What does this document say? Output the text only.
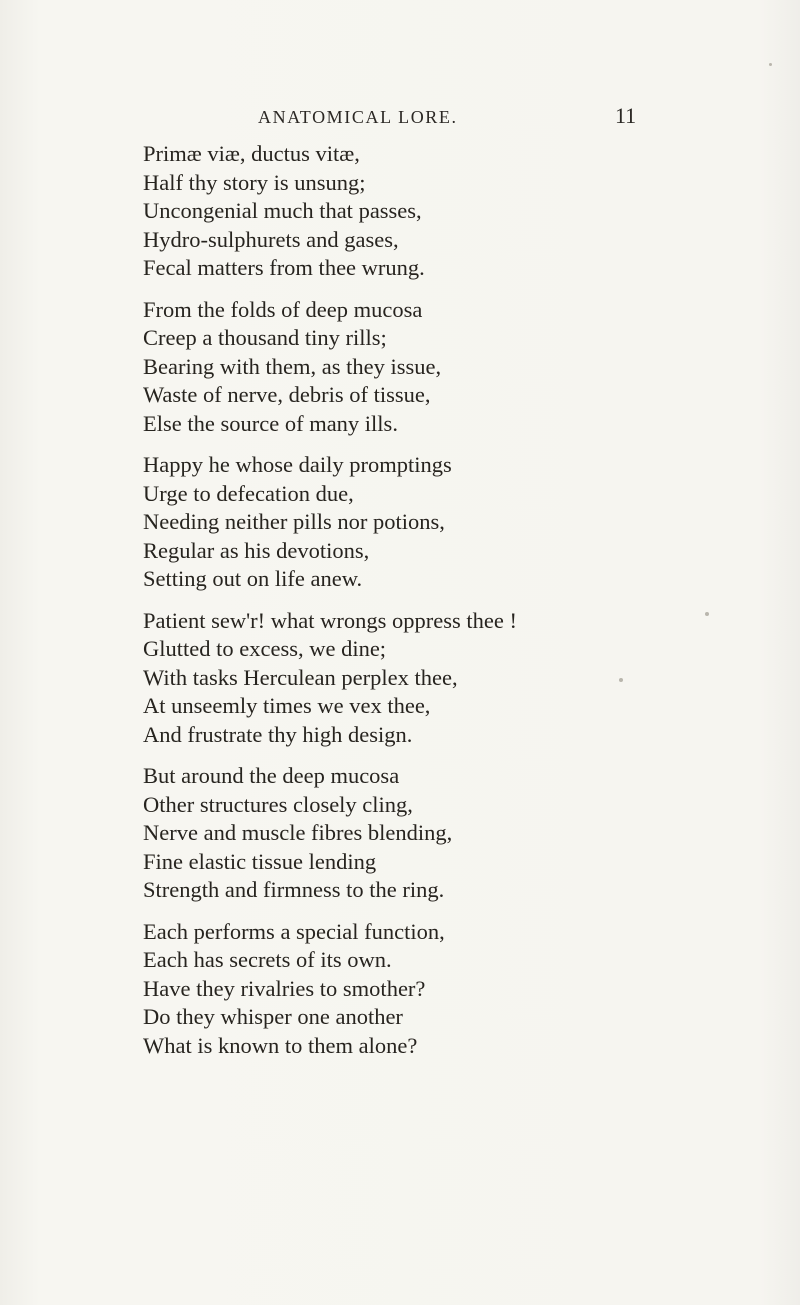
ANATOMICAL LORE.	11
Primæ viæ, ductus vitæ,
Half thy story is unsung;
Uncongenial much that passes,
Hydro-sulphurets and gases,
Fecal matters from thee wrung.
From the folds of deep mucosa
Creep a thousand tiny rills;
Bearing with them, as they issue,
Waste of nerve, debris of tissue,
Else the source of many ills.
Happy he whose daily promptings
Urge to defecation due,
Needing neither pills nor potions,
Regular as his devotions,
Setting out on life anew.
Patient sew'r! what wrongs oppress thee !
Glutted to excess, we dine;
With tasks Herculean perplex thee,
At unseemly times we vex thee,
And frustrate thy high design.
But around the deep mucosa
Other structures closely cling,
Nerve and muscle fibres blending,
Fine elastic tissue lending
Strength and firmness to the ring.
Each performs a special function,
Each has secrets of its own.
Have they rivalries to smother?
Do they whisper one another
What is known to them alone?
